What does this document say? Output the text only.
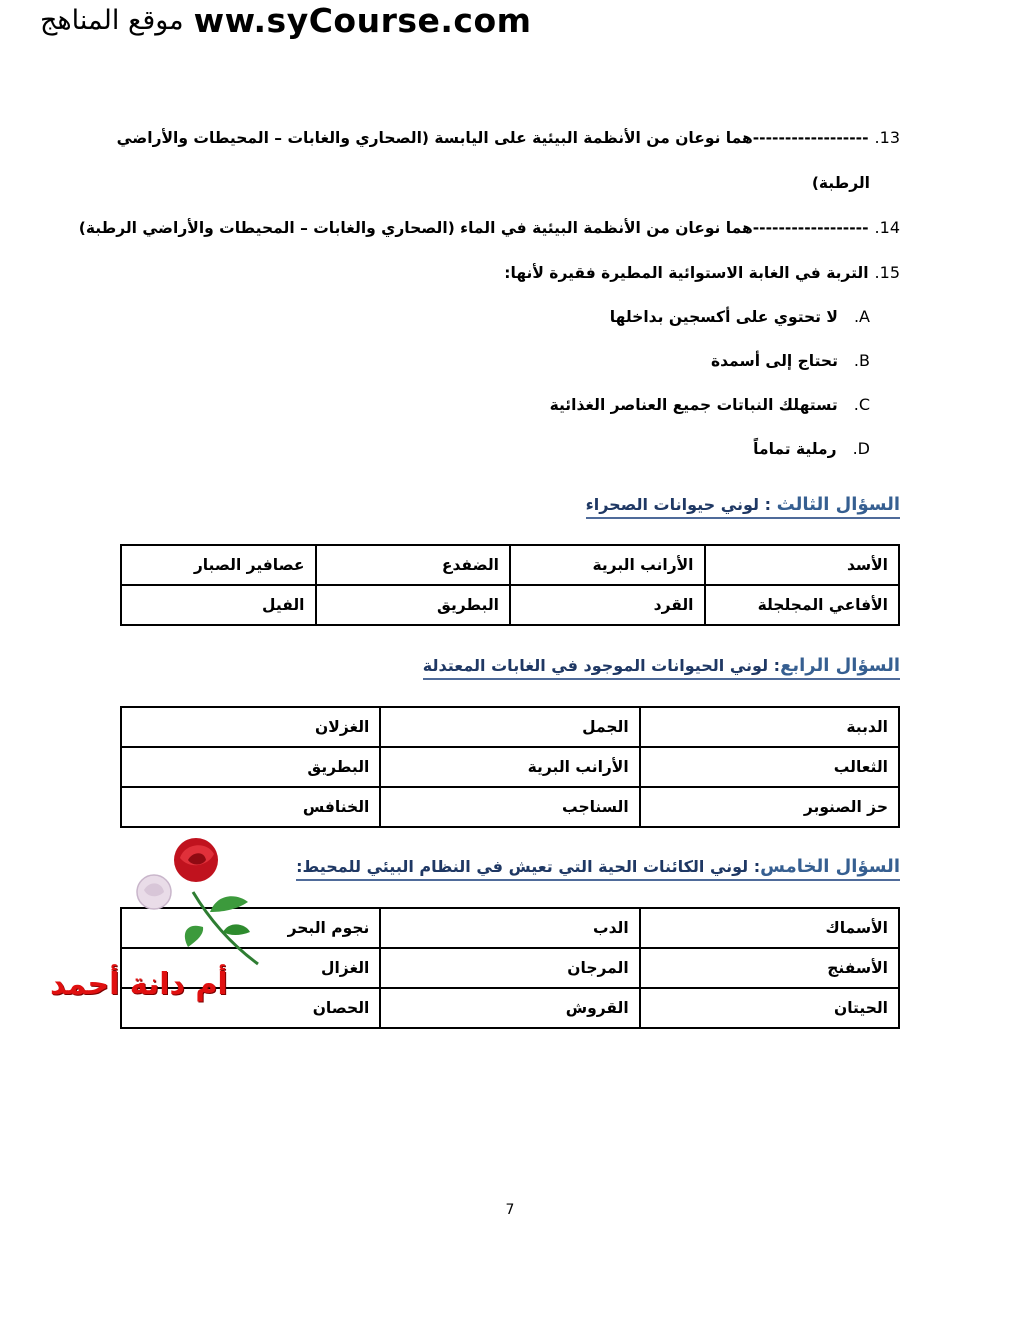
موقع المناهج ww.syCourse.com
13.------------------هما نوعان من الأنظمة البيئية على اليابسة (الصحاري والغابات – المحيطات والأراضي
الرطبة)
14.------------------هما نوعان من الأنظمة البيئية في الماء (الصحاري والغابات – المحيطات والأراضي الرطبة)
15.التربة في الغابة الاستوائية المطيرة فقيرة لأنها:
A.لا تحتوي على أكسجين بداخلها
B.تحتاج إلى أسمدة
C.تستهلك النباتات جميع العناصر الغذائية
D.رملية تماماً
السؤال الثالث : لوني حيوانات الصحراء
الأسد	الأرانب البرية	الضفدع	عصافير الصبار
الأفاعي المجلجلة	القرد	البطريق	الفيل
السؤال الرابع: لوني الحيوانات الموجود في الغابات المعتدلة
الدببة	الجمل	الغزلان
الثعالب	الأرانب البرية	البطريق
حز الصنوبر	السناجب	الخنافس
السؤال الخامس: لوني الكائنات الحية التي تعيش في النظام البيئي للمحيط:
الأسماك	الدب	نجوم البحر
الأسفنج	المرجان	الغزال
الحيتان	القروش	الحصان
أم دانة أحمد
7
